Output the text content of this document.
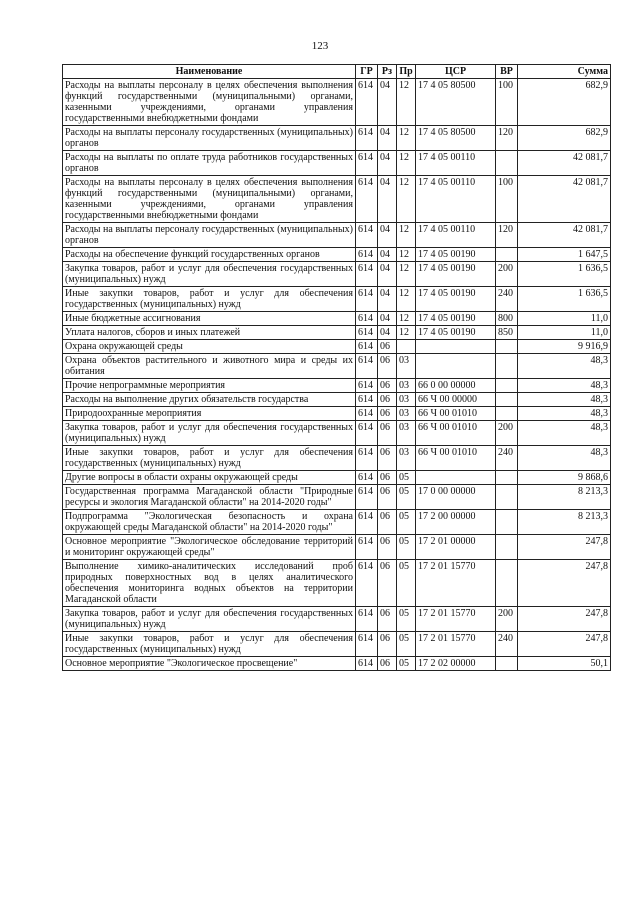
123
Наименование	ГР	Рз	Пр	ЦСР	ВР	Сумма
Расходы на выплаты персоналу в целях обеспечения выполнения функций государственными (муниципальными) органами, казенными учреждениями, органами управления государственными внебюджетными фондами	614	04	12	17 4 05 80500	100	682,9
Расходы на выплаты персоналу государственных (муниципальных) органов	614	04	12	17 4 05 80500	120	682,9
Расходы на выплаты по оплате труда работников государственных органов	614	04	12	17 4 05 00110		42 081,7
Расходы на выплаты персоналу в целях обеспечения выполнения функций государственными (муниципальными) органами, казенными учреждениями, органами управления государственными внебюджетными фондами	614	04	12	17 4 05 00110	100	42 081,7
Расходы на выплаты персоналу государственных (муниципальных) органов	614	04	12	17 4 05 00110	120	42 081,7
Расходы на обеспечение функций государственных органов	614	04	12	17 4 05 00190		1 647,5
Закупка товаров, работ и услуг для обеспечения государственных (муниципальных) нужд	614	04	12	17 4 05 00190	200	1 636,5
Иные закупки товаров, работ и услуг для обеспечения государственных (муниципальных) нужд	614	04	12	17 4 05 00190	240	1 636,5
Иные бюджетные ассигнования	614	04	12	17 4 05 00190	800	11,0
Уплата налогов, сборов и иных платежей	614	04	12	17 4 05 00190	850	11,0
Охрана окружающей среды	614	06				9 916,9
Охрана объектов растительного и животного мира и среды их обитания	614	06	03			48,3
Прочие непрограммные мероприятия	614	06	03	66 0 00 00000		48,3
Расходы на выполнение других обязательств государства	614	06	03	66 Ч 00 00000		48,3
Природоохранные мероприятия	614	06	03	66 Ч 00 01010		48,3
Закупка товаров, работ и услуг для обеспечения государственных (муниципальных) нужд	614	06	03	66 Ч 00 01010	200	48,3
Иные закупки товаров, работ и услуг для обеспечения государственных (муниципальных) нужд	614	06	03	66 Ч 00 01010	240	48,3
Другие вопросы в области охраны окружающей среды	614	06	05			9 868,6
Государственная программа Магаданской области "Природные ресурсы и экология Магаданской области" на 2014-2020 годы"	614	06	05	17 0 00 00000		8 213,3
Подпрограмма "Экологическая безопасность и охрана окружающей среды Магаданской области" на 2014-2020 годы"	614	06	05	17 2 00 00000		8 213,3
Основное мероприятие "Экологическое обследование территорий и мониторинг окружающей среды"	614	06	05	17 2 01 00000		247,8
Выполнение химико-аналитических исследований проб природных поверхностных вод в целях аналитического обеспечения мониторинга водных объектов на территории Магаданской области	614	06	05	17 2 01 15770		247,8
Закупка товаров, работ и услуг для обеспечения государственных (муниципальных) нужд	614	06	05	17 2 01 15770	200	247,8
Иные закупки товаров, работ и услуг для обеспечения государственных (муниципальных) нужд	614	06	05	17 2 01 15770	240	247,8
Основное мероприятие "Экологическое просвещение"	614	06	05	17 2 02 00000		50,1
